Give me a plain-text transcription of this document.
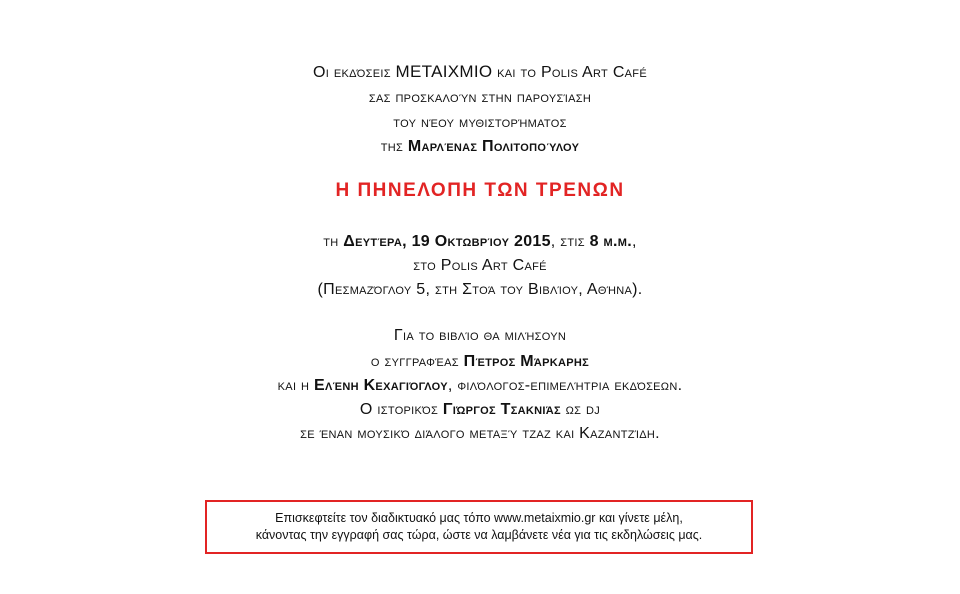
Οι εκδόσεις ΜΕΤΑΙΧΜΙΟ και το Polis Art Café
σας προσκαλούν στην παρουσίαση
του νέου μυθιστορήματος
της Μαρλένας Πολιτοπούλου
Η ΠΗΝΕΛΟΠΗ ΤΩΝ ΤΡΕΝΩΝ
τη Δευτέρα, 19 Οκτωβρίου 2015, στις 8 μ.μ.,
στο Polis Art Café
(Πεσμαζόγλου 5, στη Στοά του Βιβλίου, Αθήνα).
Για το βιβλίο θα μιλήσουν
ο συγγραφέας Πέτρος Μάρκαρης
και η Ελένη Κεχαγιόγλου, φιλόλογος-επιμελήτρια εκδόσεων.
Ο ιστορικός Γιώργος Τσακνιάς ως dj
σε έναν μουσικό διάλογο μεταξύ τζαζ και Καζαντζίδη.
Επισκεφτείτε τον διαδικτυακό μας τόπο www.metaixmio.gr και γίνετε μέλη,
κάνοντας την εγγραφή σας τώρα, ώστε να λαμβάνετε νέα για τις εκδηλώσεις μας.
